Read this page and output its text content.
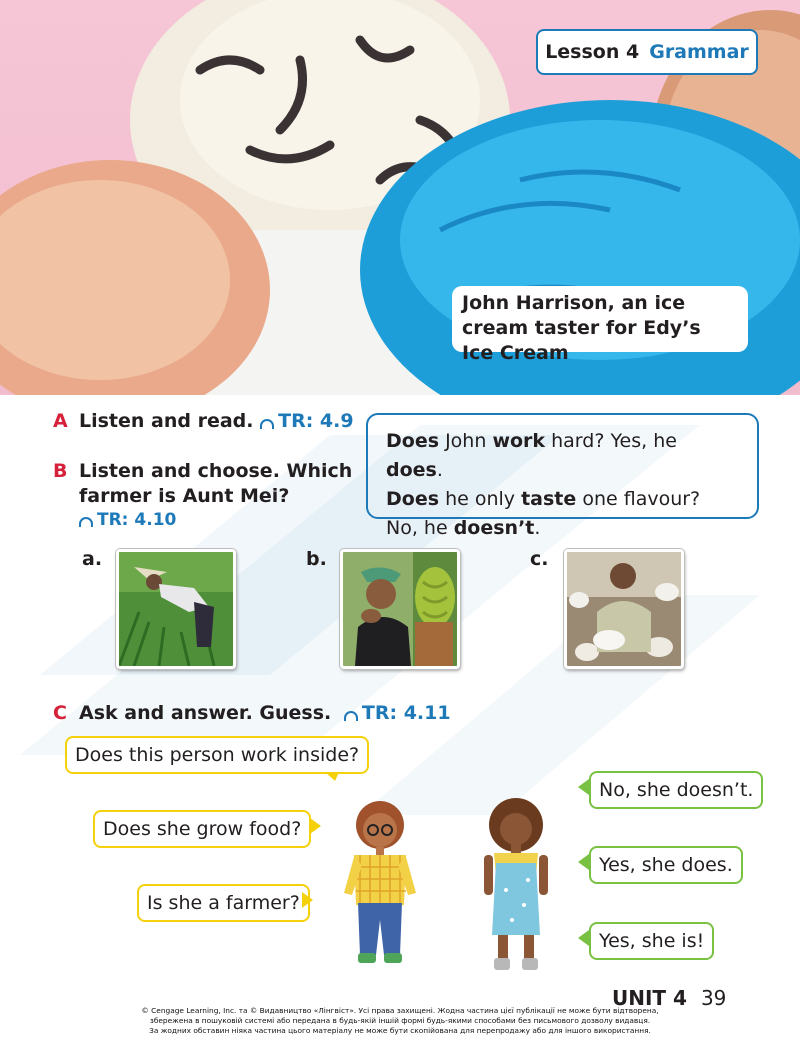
Lesson 4 Grammar
John Harrison, an ice cream taster for Edy’s Ice Cream
A Listen and read. TR: 4.9
B Listen and choose. Which
farmer is Aunt Mei?
TR: 4.10
Does John work hard? Yes, he does.
Does he only taste one flavour?
No, he doesn’t.
a.	b.	c.
C Ask and answer. Guess. TR: 4.11
Does this person work inside?
Does she grow food?
Is she a farmer?
No, she doesn’t.
Yes, she does.
Yes, she is!
UNIT 4 39
© Cengage Learning, Inc. та © Видавництво «Лінгвіст». Усі права захищені. Жодна частина цієї публікації не може бути відтворена,
збережена в пошуковій системі або передана в будь-якій іншій формі будь-якими способами без письмового дозволу видавця.
За жодних обставин ніяка частина цього матеріалу не може бути скопійована для перепродажу або для іншого використання.
